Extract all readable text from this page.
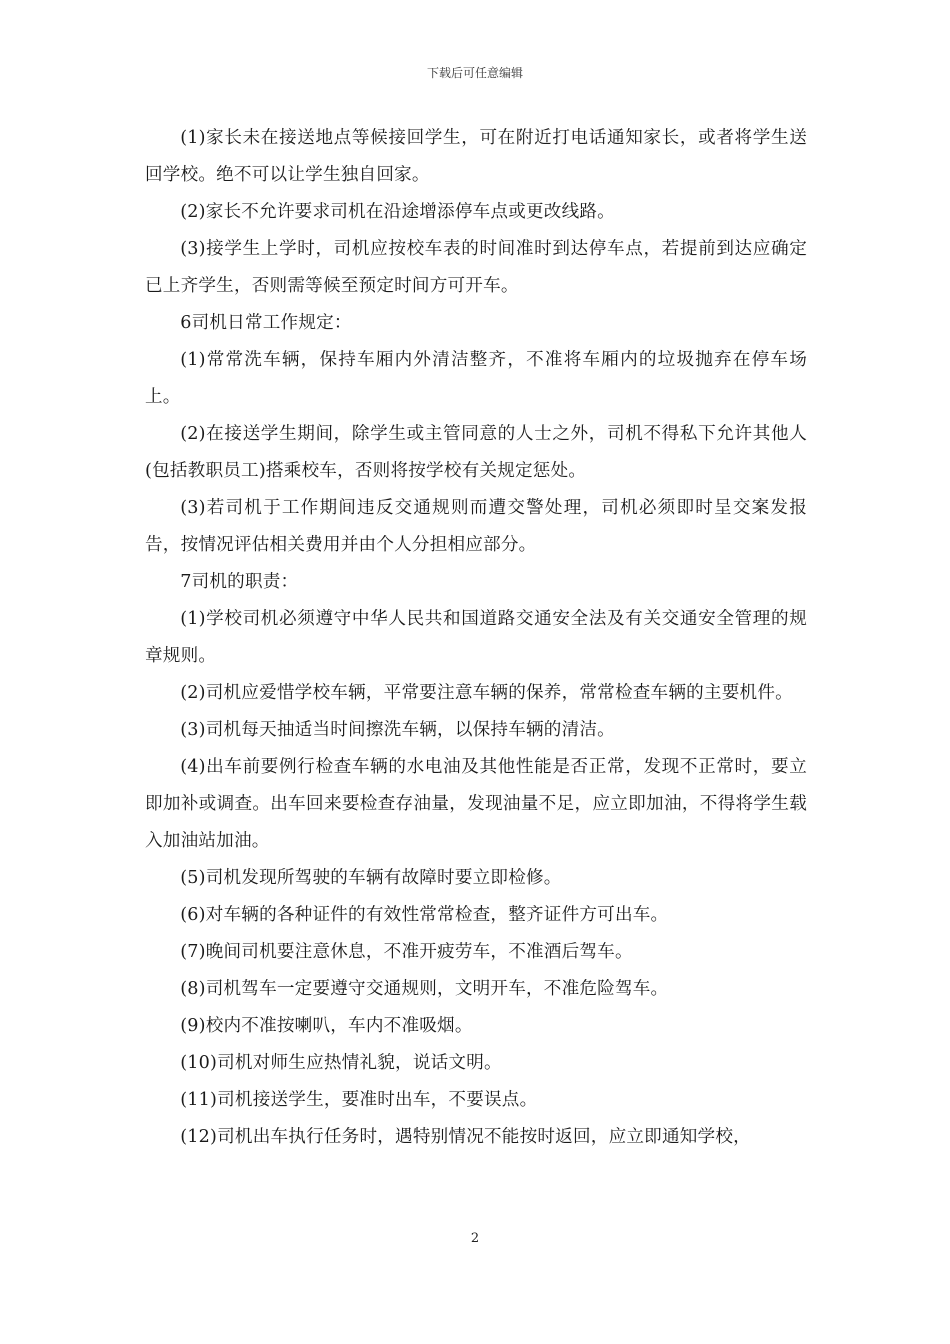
下载后可任意编辑

(1)家长未在接送地点等候接回学生，可在附近打电话通知家长，或者将学生送回学校。绝不可以让学生独自回家。

(2)家长不允许要求司机在沿途增添停车点或更改线路。

(3)接学生上学时，司机应按校车表的时间准时到达停车点，若提前到达应确定已上齐学生，否则需等候至预定时间方可开车。

6司机日常工作规定：

(1)常常洗车辆，保持车厢内外清洁整齐，不准将车厢内的垃圾抛弃在停车场上。

(2)在接送学生期间，除学生或主管同意的人士之外，司机不得私下允许其他人(包括教职员工)搭乘校车，否则将按学校有关规定惩处。

(3)若司机于工作期间违反交通规则而遭交警处理，司机必须即时呈交案发报告，按情况评估相关费用并由个人分担相应部分。

7司机的职责：

(1)学校司机必须遵守中华人民共和国道路交通安全法及有关交通安全管理的规章规则。

(2)司机应爱惜学校车辆，平常要注意车辆的保养，常常检查车辆的主要机件。

(3)司机每天抽适当时间擦洗车辆，以保持车辆的清洁。

(4)出车前要例行检查车辆的水电油及其他性能是否正常，发现不正常时，要立即加补或调查。出车回来要检查存油量，发现油量不足，应立即加油，不得将学生载入加油站加油。

(5)司机发现所驾驶的车辆有故障时要立即检修。

(6)对车辆的各种证件的有效性常常检查，整齐证件方可出车。

(7)晚间司机要注意休息，不准开疲劳车，不准酒后驾车。

(8)司机驾车一定要遵守交通规则，文明开车，不准危险驾车。

(9)校内不准按喇叭，车内不准吸烟。

(10)司机对师生应热情礼貌，说话文明。

(11)司机接送学生，要准时出车，不要误点。

(12)司机出车执行任务时，遇特别情况不能按时返回，应立即通知学校，

2
